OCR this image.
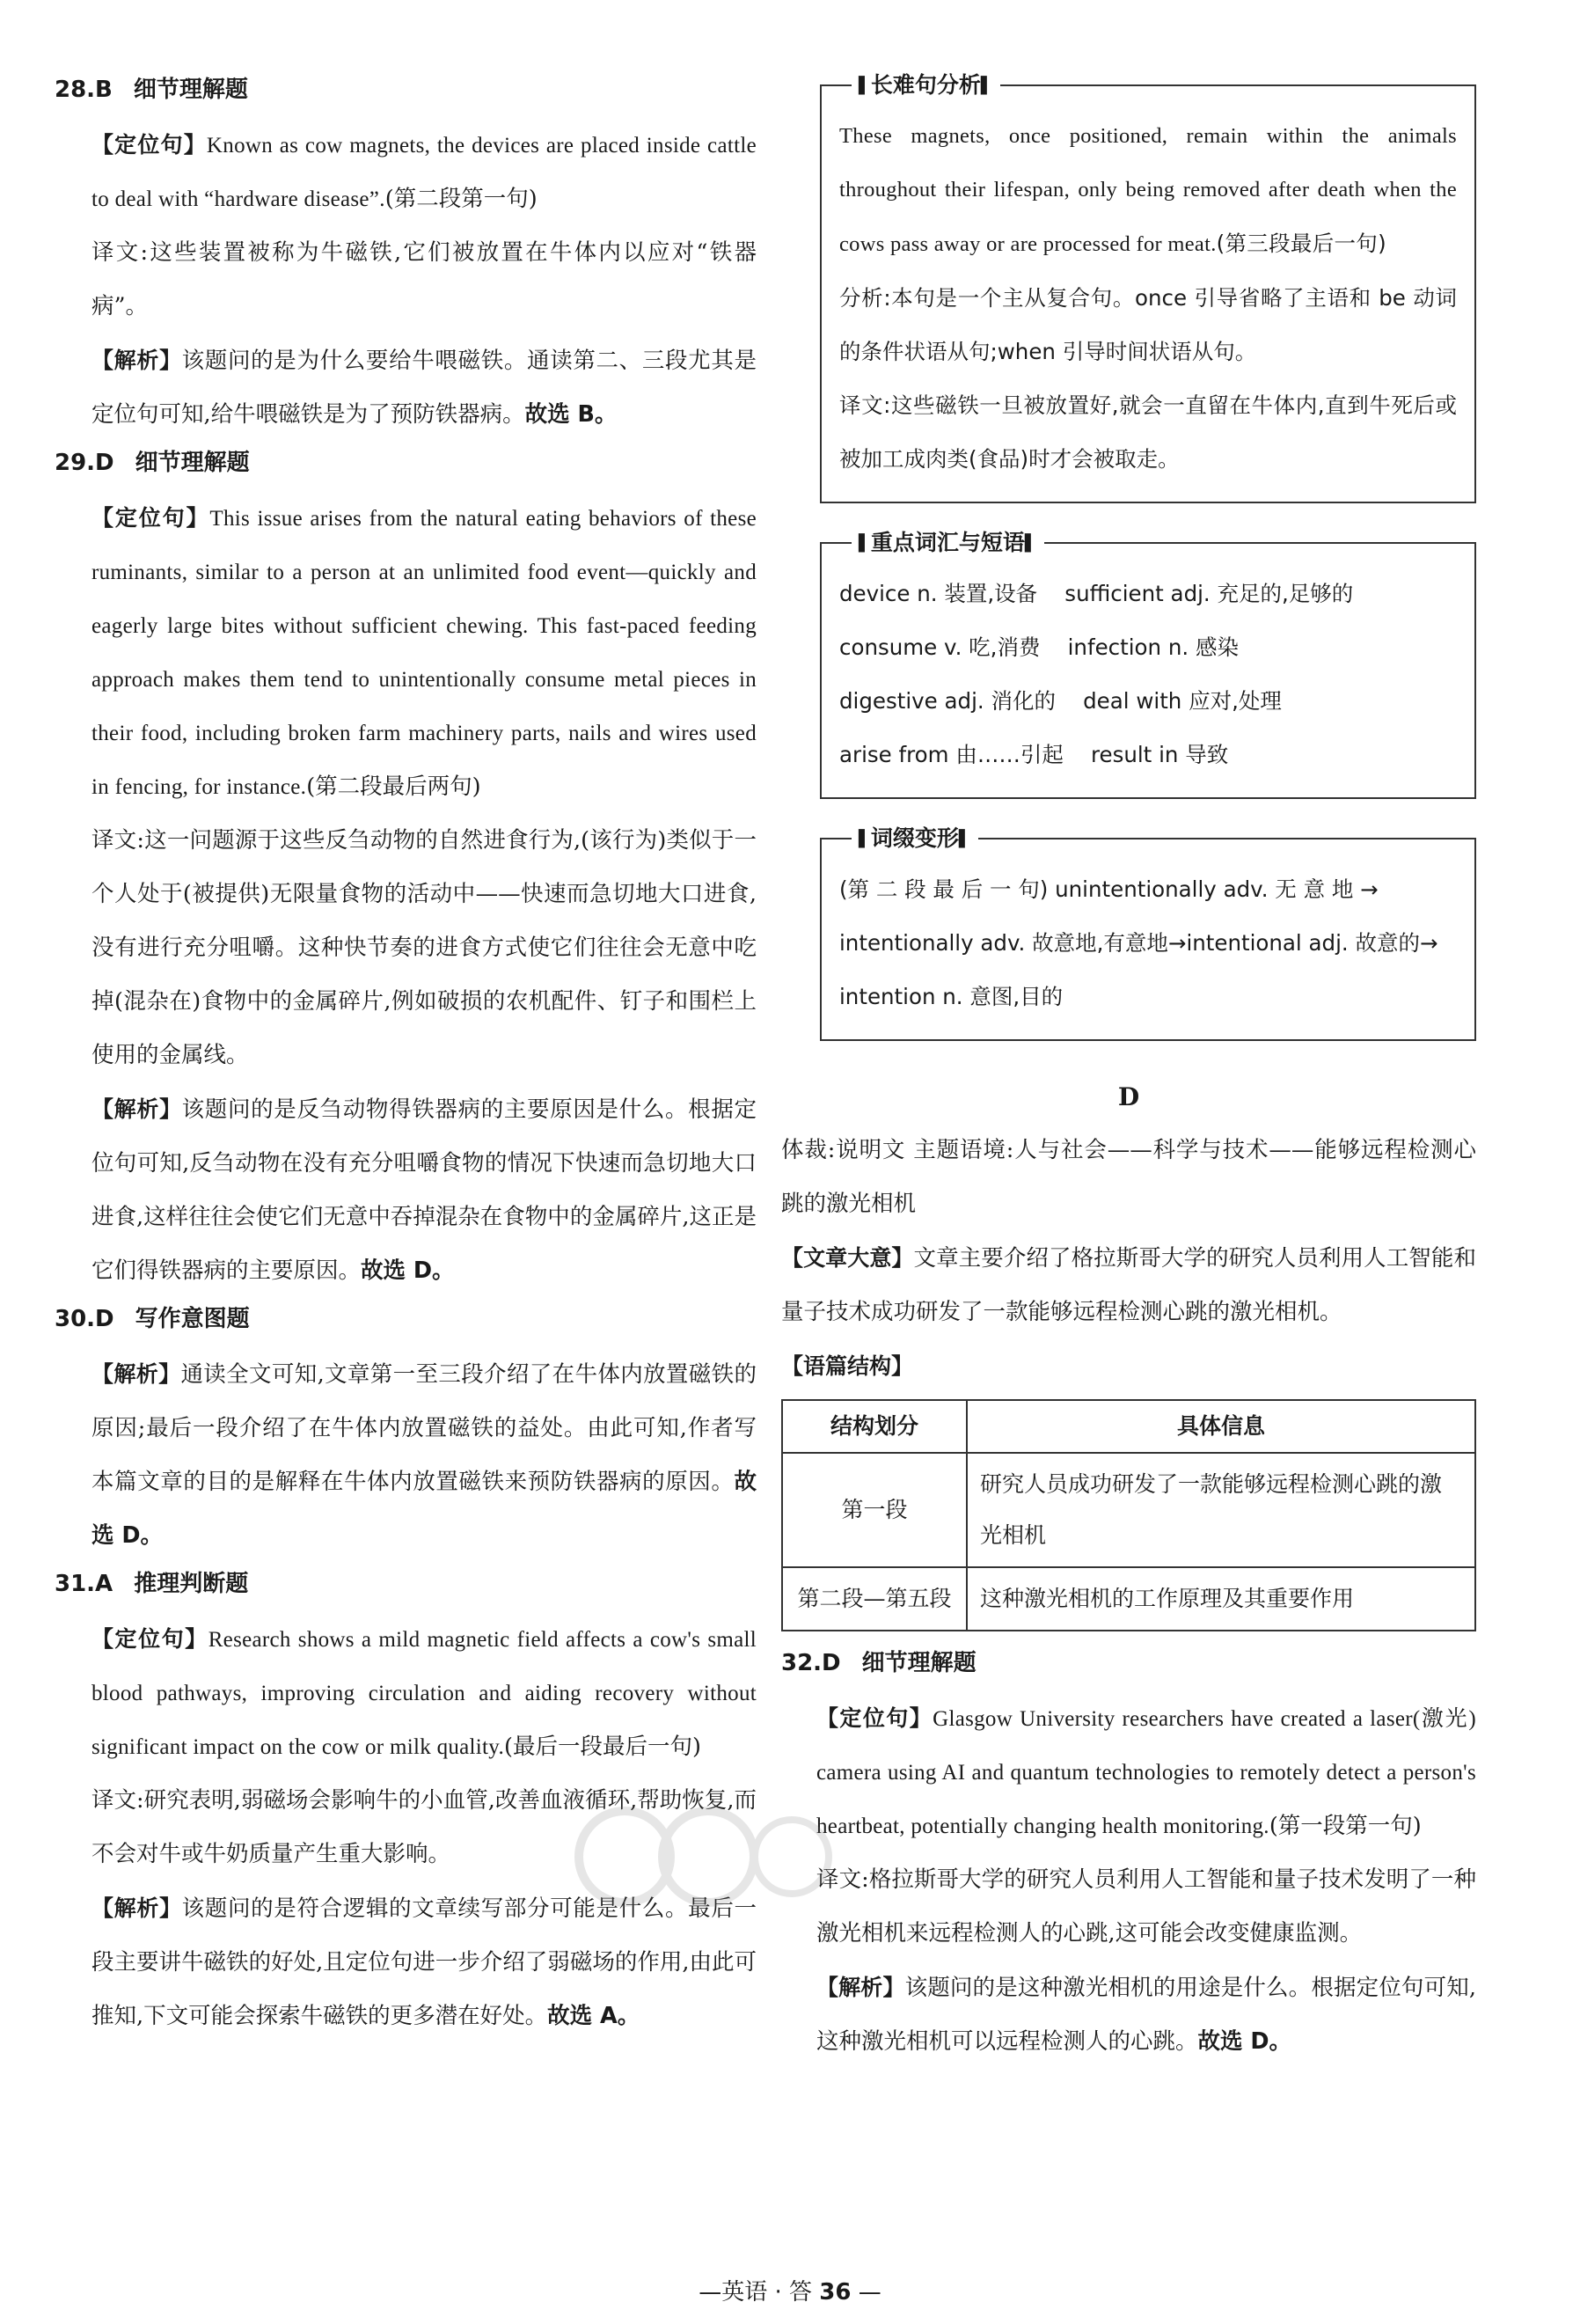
28.B 细节理解题

【定位句】Known as cow magnets, the devices are placed inside cattle to deal with “hardware disease”.(第二段第一句)

译文:这些装置被称为牛磁铁,它们被放置在牛体内以应对“铁器病”。

【解析】该题问的是为什么要给牛喂磁铁。通读第二、三段尤其是定位句可知,给牛喂磁铁是为了预防铁器病。故选 B。

29.D 细节理解题

【定位句】This issue arises from the natural eating behaviors of these ruminants, similar to a person at an unlimited food event—quickly and eagerly large bites without sufficient chewing. This fast-paced feeding approach makes them tend to unintentionally consume metal pieces in their food, including broken farm machinery parts, nails and wires used in fencing, for instance.(第二段最后两句)

译文:这一问题源于这些反刍动物的自然进食行为,(该行为)类似于一个人处于(被提供)无限量食物的活动中——快速而急切地大口进食,没有进行充分咀嚼。这种快节奏的进食方式使它们往往会无意中吃掉(混杂在)食物中的金属碎片,例如破损的农机配件、钉子和围栏上使用的金属线。

【解析】该题问的是反刍动物得铁器病的主要原因是什么。根据定位句可知,反刍动物在没有充分咀嚼食物的情况下快速而急切地大口进食,这样往往会使它们无意中吞掉混杂在食物中的金属碎片,这正是它们得铁器病的主要原因。故选 D。

30.D 写作意图题

【解析】通读全文可知,文章第一至三段介绍了在牛体内放置磁铁的原因;最后一段介绍了在牛体内放置磁铁的益处。由此可知,作者写本篇文章的目的是解释在牛体内放置磁铁来预防铁器病的原因。故选 D。

31.A 推理判断题

【定位句】Research shows a mild magnetic field affects a cow's small blood pathways, improving circulation and aiding recovery without significant impact on the cow or milk quality.(最后一段最后一句)

译文:研究表明,弱磁场会影响牛的小血管,改善血液循环,帮助恢复,而不会对牛或牛奶质量产生重大影响。

【解析】该题问的是符合逻辑的文章续写部分可能是什么。最后一段主要讲牛磁铁的好处,且定位句进一步介绍了弱磁场的作用,由此可推知,下文可能会探索牛磁铁的更多潜在好处。故选 A。

▌ 长难句分析 ▌

These magnets, once positioned, remain within the animals throughout their lifespan, only being removed after death when the cows pass away or are processed for meat.(第三段最后一句)

分析:本句是一个主从复合句。once 引导省略了主语和 be 动词的条件状语从句;when 引导时间状语从句。

译文:这些磁铁一旦被放置好,就会一直留在牛体内,直到牛死后或被加工成肉类(食品)时才会被取走。

▌ 重点词汇与短语 ▌

device n. 装置,设备    sufficient adj. 充足的,足够的

consume v. 吃,消费    infection n. 感染

digestive adj. 消化的    deal with 应对,处理

arise from 由……引起    result in 导致

▌ 词缀变形 ▌

(第 二 段 最 后 一 句) unintentionally adv. 无 意 地 →

intentionally adv. 故意地,有意地→intentional adj. 故意的→

intention n. 意图,目的

D

体裁:说明文 主题语境:人与社会——科学与技术——能够远程检测心跳的激光相机

【文章大意】文章主要介绍了格拉斯哥大学的研究人员利用人工智能和量子技术成功研发了一款能够远程检测心跳的激光相机。

【语篇结构】

结构划分	具体信息
第一段	研究人员成功研发了一款能够远程检测心跳的激光相机
第二段—第五段	这种激光相机的工作原理及其重要作用
32.D 细节理解题

【定位句】Glasgow University researchers have created a laser(激光) camera using AI and quantum technologies to remotely detect a person's heartbeat, potentially changing health monitoring.(第一段第一句)

译文:格拉斯哥大学的研究人员利用人工智能和量子技术发明了一种激光相机来远程检测人的心跳,这可能会改变健康监测。

【解析】该题问的是这种激光相机的用途是什么。根据定位句可知,这种激光相机可以远程检测人的心跳。故选 D。

—英语 · 答 36 —
